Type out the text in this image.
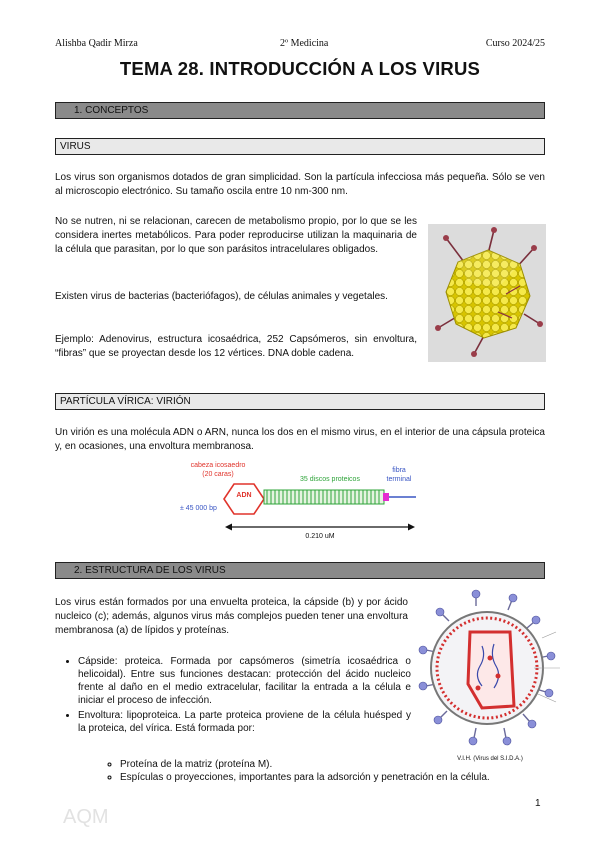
Alishba Qadir Mirza	2º Medicina	Curso 2024/25
TEMA 28. INTRODUCCIÓN A LOS VIRUS
1. CONCEPTOS
VIRUS
Los virus son organismos dotados de gran simplicidad. Son la partícula infecciosa más pequeña. Sólo se ven al microscopio electrónico. Su tamaño oscila entre 10 nm-300 nm.
No se nutren, ni se relacionan, carecen de metabolismo propio, por lo que se les considera inertes metabólicos. Para poder reproducirse utilizan la maquinaria de la célula que parasitan, por lo que son parásitos intracelulares obligados.
Existen virus de bacterias (bacteriófagos), de células animales y vegetales.
Ejemplo: Adenovirus, estructura icosaédrica, 252 Capsómeros, sin envoltura, “fibras” que se proyectan desde los 12 vértices. DNA doble cadena.
PARTÍCULA VÍRICA: VIRIÓN
Un virión es una molécula ADN o ARN, nunca los dos en el mismo virus, en el interior de una cápsula proteica y, en ocasiones, una envoltura membranosa.
cabeza icosaedro
(20 caras)
35 discos proteicos
fibra
terminal
ADN
± 45 000 bp
0.210 uM
2. ESTRUCTURA DE LOS VIRUS
Los virus están formados por una envuelta proteica, la cápside (b) y por ácido nucleico (c); además, algunos virus más complejos pueden tener una envoltura membranosa (a) de lípidos y proteínas.
• Cápside: proteica. Formada por capsómeros (simetría icosaédrica o helicoidal). Entre sus funciones destacan: protección del ácido nucleico frente al daño en el medio extracelular, facilitar la entrada a la célula e iniciar el proceso de infección.
• Envoltura: lipoproteica. La parte proteica proviene de la célula huésped y la proteica, del vírica. Está formada por:
◦ Proteína de la matriz (proteína M).
◦ Espículas o proyecciones, importantes para la adsorción y penetración en la célula.
V.I.H. (Virus del S.I.D.A.)
1
AQM
